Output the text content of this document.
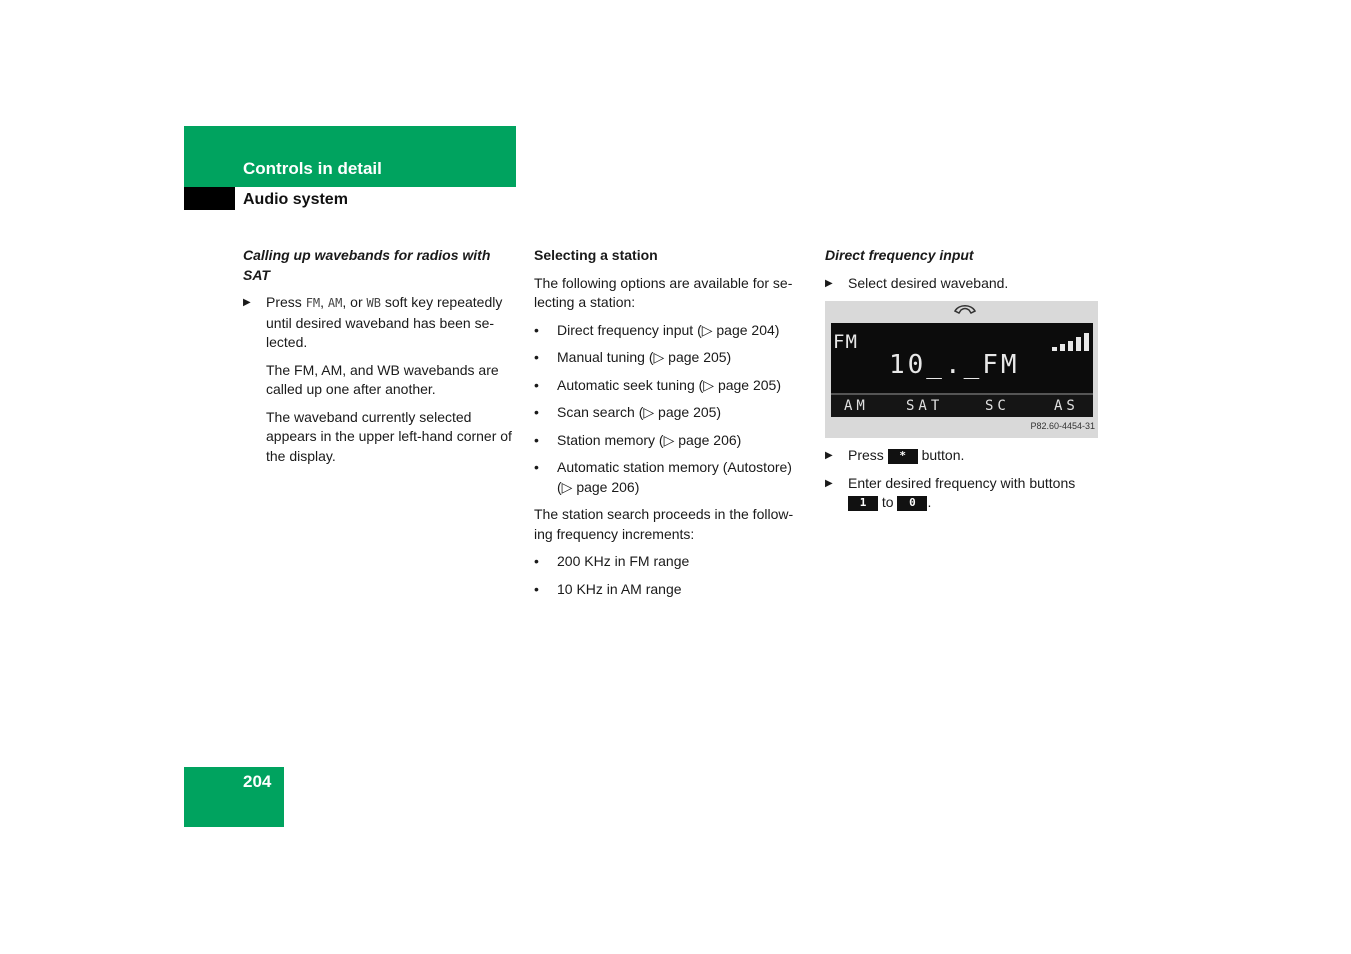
Controls in detail
Audio system
Calling up wavebands for radios with SAT
▶ Press FM, AM, or WB soft key repeatedly until desired waveband has been se-lected.
The FM, AM, and WB wavebands are called up one after another.
The waveband currently selected appears in the upper left-hand corner of the display.
Selecting a station

The following options are available for se-lecting a station:

• Direct frequency input (▷ page 204)
• Manual tuning (▷ page 205)
• Automatic seek tuning (▷ page 205)
• Scan search (▷ page 205)
• Station memory (▷ page 206)
• Automatic station memory (Autostore) (▷ page 206)

The station search proceeds in the follow-ing frequency increments:

• 200 KHz in FM range
• 10 KHz in AM range
Direct frequency input
▶ Select desired waveband.
FM
10_._FM
AM	SAT	SC	AS
P82.60-4454-31
▶ Press * button.
▶ Enter desired frequency with buttons
1 to 0 .
204
